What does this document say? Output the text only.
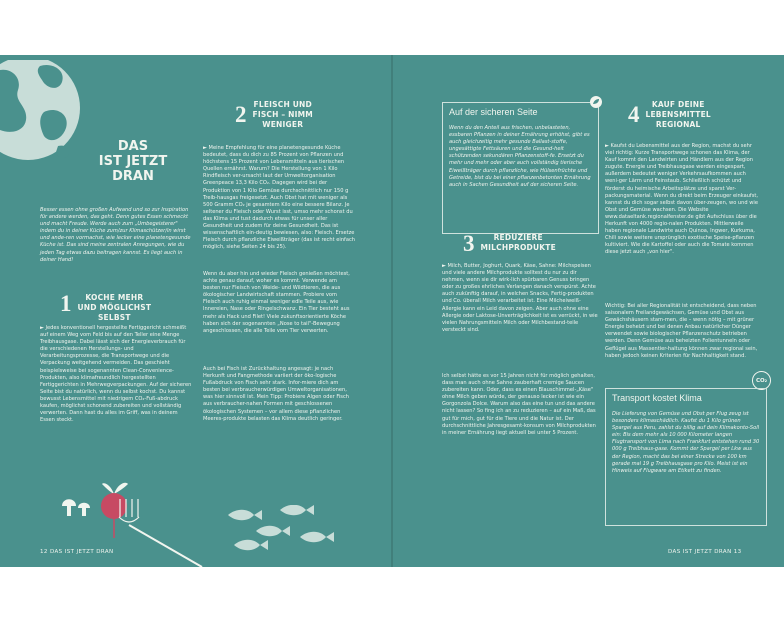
DAS
IST JETZT
DRAN

Besser essen ohne großen Aufwand und so zur Inspiration für andere werden, das geht. Denn gutes Essen schmeckt und macht Freude. Werde auch zum „Umbegeisterer" indem du in deiner Küche zum/zur Klimaschützer/in wirst und ande-ren vormachst, wie lecker eine planetengesunde Küche ist. Das sind meine zentralen Anregungen, wie du jeden Tag etwas dazu beitragen kannst. Es liegt auch in deiner Hand!

1	KOCHE MEHR
UND MÖGLICHST
SELBST

► Jedes konventionell hergestellte Fertiggericht schmeißt auf einem Weg vom Feld bis auf den Teller eine Menge Treibhausgase. Dabei lässt sich der Energieverbrauch für die verschiedenen Herstellungs- und Verarbeitungsprozesse, die Transportwege und die Verpackung weitgehend vermeiden. Das geschieht beispielsweise bei sogenannten Clean-Convenience-Produkten, also klimafreundlich hergestellten Fertiggerichten in Mehrwegverpackungen. Auf der sicheren Seite bist du natürlich, wenn du selbst kochst. Du kannst bewusst Lebensmittel mit niedrigem CO₂-Fuß-abdruck kaufen, möglichst schonend zubereiten und vollständig verwerten. Dann hast du alles im Griff, was in deinem Essen steckt.

2 FLEISCH UND
FISCH – NIMM
WENIGER

► Meine Empfehlung für eine planetengesunde Küche bedeutet, dass du dich zu 85 Prozent von Pflanzen und höchstens 15 Prozent von Lebensmitteln aus tierischen Quellen ernährst. Warum? Die Herstellung von 1 Kilo Rindfleisch ver-ursacht laut der Umweltorganisation Greenpeace 13,3 Kilo CO₂. Dagegen wird bei der Produktion von 1 Kilo Gemüse durchschnittlich nur 150 g Treib-hausgas freigesetzt. Auch Obst hat mit weniger als 500 Gramm CO₂ je gesamtem Kilo eine bessere Bilanz. Je seltener du Fleisch oder Wurst isst, umso mehr schonst du das Klima und tust dadurch etwas für unser aller Gesundheit und zudem für deine Gesundheit. Das ist wissenschaftlich ein-deutig bewiesen, also: Fleisch. Ersetze Fleisch durch pflanzliche Eiweißträger (das ist recht einfach möglich, siehe Seiten 24 bis 25).

Wenn du aber hin und wieder Fleisch genießen möchtest, achte genau darauf, woher es kommt. Verwende am besten nur Fleisch von Weide- und Wildtieren, die aus ökologischer Landwirtschaft stammen. Probiere vom Fleisch auch ruhig einmal weniger edle Teile aus, wie Innereien, Nase oder Ringelschwanz. Ein Tier besteht aus mehr als Hack und Filet! Viele zukunftsorientierte Köche haben sich der sogenannten „Nose to tail"-Bewegung angeschlossen, die alle Teile vom Tier verwerten.

Auch bei Fisch ist Zurückhaltung angesagt: je nach Herkunft und Fangmethode variiert der öko-logische Fußabdruck von Fisch sehr stark. Infor-miere dich am besten bei verbraucherwürdigen Umweltorganisationen, was hier sinnvoll ist. Mein Tipp: Probiere Algen oder Fisch aus verbraucher-nahen Formen mit geschlossenen ökologischen Systemen – vor allem diese pflanzlichen Meeres-produkte belasten das Klima deutlich geringer.

12 DAS IST JETZT DRAN
Auf der sicheren Seite

Wenn du den Anteil aus frischen, unbelasteten, essbaren Pflanzen in deiner Ernährung erhöhst, gibt es auch gleichzeitig mehr gesunde Ballast-stoffe, ungesättigte Fettsäuren und die Gesund-heit schützenden sekundären Pflanzenstoff-fe. Ersetzt du mehr und mehr oder aber auch vollständig tierische Eiweißträger durch pflanzliche, wie Hülsenfrüchte und Getreide, bist du bei einer pflanzenbetonten Ernährung auch in Sachen Gesundheit auf der sicheren Seite.

3	REDUZIERE
MILCHPRODUKTE

► Milch, Butter, Joghurt, Quark, Käse, Sahne: Milchspeisen und viele andere Milchprodukte solltest du nur zu dir nehmen, wenn sie dir wirk-lich spürbaren Genuss bringen oder zu großes ehrliches Verlangen danach verspürst. Achte auch zukünftig darauf, in welchen Snacks, Fertig-produkten und Co. überall Milch verarbeitet ist. Eine Milcheiweiß-Allergie kann ein Leid davon zeigen. Aber auch ohne eine Allergie oder Laktose-Unverträglichkeit ist es verrückt, in wie vielen Nahrungsmitteln Milch oder Milchbestand-teile versteckt sind.

Ich selbst hätte es vor 15 Jahren nicht für möglich gehalten, dass man auch ohne Sahne zauberhaft cremige Saucen zubereiten kann. Oder, dass es einen Blauschimmel-„Käse" ohne Milch geben würde, der genauso lecker ist wie ein Gorgonzola Dolce. Warum also das eine tun und das andere nicht lassen? So fing ich an zu reduzieren – auf ein Maß, das gut für mich, gut für die Tiere und die Natur ist. Der durchschnittliche Jahresgesamt-konsum von Milchprodukten in meiner Ernährung liegt aktuell bei unter 5 Prozent.

4	KAUF DEINE
LEBENSMITTEL
REGIONAL

► Kaufst du Lebensmittel aus der Region, machst du sehr viel richtig: Kurze Transportwege schonen das Klima, der Kauf kommt den Landwirten und Händlern aus der Region zugute. Energie und Treibhausgase werden eingespart, außerdem bedeutet weniger Verkehrsaufkommen auch weni-ger Lärm und Feinstaub. Schließlich schützt und förderst du heimische Arbeitsplätze und sparst Ver-packungsmaterial. Wenn du direkt beim Erzeuger einkaufst, kannst du dich sogar selbst davon über-zeugen, wo und wie Obst und Gemüse wachsen. Die Website www.dataeltank.regionalfenster.de gibt Aufschluss über die Herkunft von 4000 regio-nalen Produkten. Mittlerweile haben regionale Landwirte auch Quinoa, Ingwer, Kurkuma, Chili sowie weitere ursprünglich exotische Speise-pflanzen kultiviert. Wie die Kartoffel oder auch die Tomate kommen diese jetzt auch „von hier".

Wichtig: Bei aller Regionalität ist entscheidend, dass neben saisonalem Freilandgewächsen, Gemüse und Obst aus Gewächshäusern stam-men, die – wenn nötig – mit grüner Energie beheizt und bei denen Anbau natürlicher Dünger verwendet sowie biologischer Pflanzenschutz betrieben werden. Denn Gemüse aus beheizten Folientunneln oder Geflügel aus Massentier-haltung können zwar regional sein, haben jedoch keinen Kriterien für Nachhaltigkeit stand.

CO₂
Transport kostet Klima

Die Lieferung von Gemüse und Obst per Flug zeug ist besonders klimaschädlich. Kaufst du 1 Kilo grünen Spargel aus Peru, zahlst du billig auf dein Klimakonto-Soll ein: Bis dem mehr als 10 000 Kilometer langen Flugtransport von Lima nach Frankfurt entstehen rund 30 000 g Treibhaus-gase. Kommt der Spargel per Lkw aus der Region, macht das bei einer Strecke von 100 km gerade mal 19 g Treibhausgase pro Kilo. Meist ist ein Hinweis auf Flugware am Etikett zu finden.

DAS IST JETZT DRAN 13
